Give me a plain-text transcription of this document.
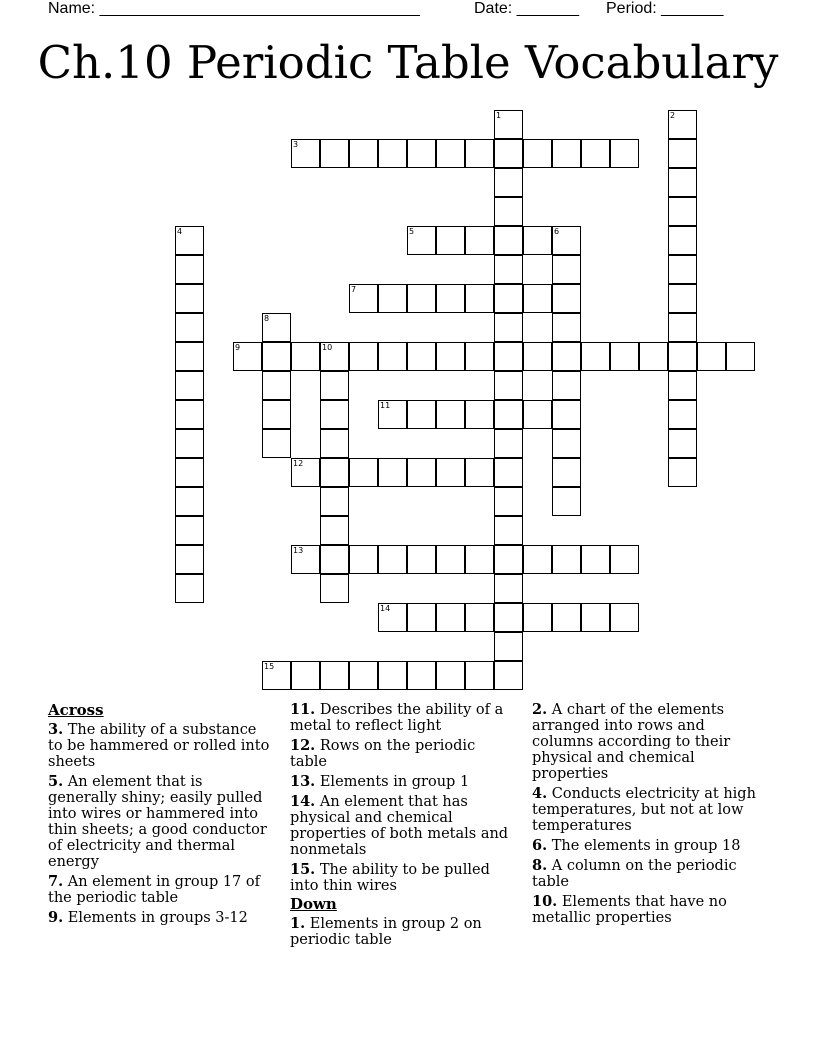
Name: ____________________________________	Date: _______ Period: _______
Ch.10 Periodic Table Vocabulary
1	2
3
4	5	6
7
8
9	10
11
12
13
14
15
Across
3. The ability of a substance to be hammered or rolled into sheets
5. An element that is generally shiny; easily pulled into wires or hammered into thin sheets; a good conductor of electricity and thermal energy
7. An element in group 17 of the periodic table
9. Elements in groups 3-12
11. Describes the ability of a metal to reflect light
12. Rows on the periodic table
13. Elements in group 1
14. An element that has physical and chemical properties of both metals and nonmetals
15. The ability to be pulled into thin wires
Down
1. Elements in group 2 on periodic table
2. A chart of the elements arranged into rows and columns according to their physical and chemical properties
4. Conducts electricity at high temperatures, but not at low temperatures
6. The elements in group 18
8. A column on the periodic table
10. Elements that have no metallic properties
